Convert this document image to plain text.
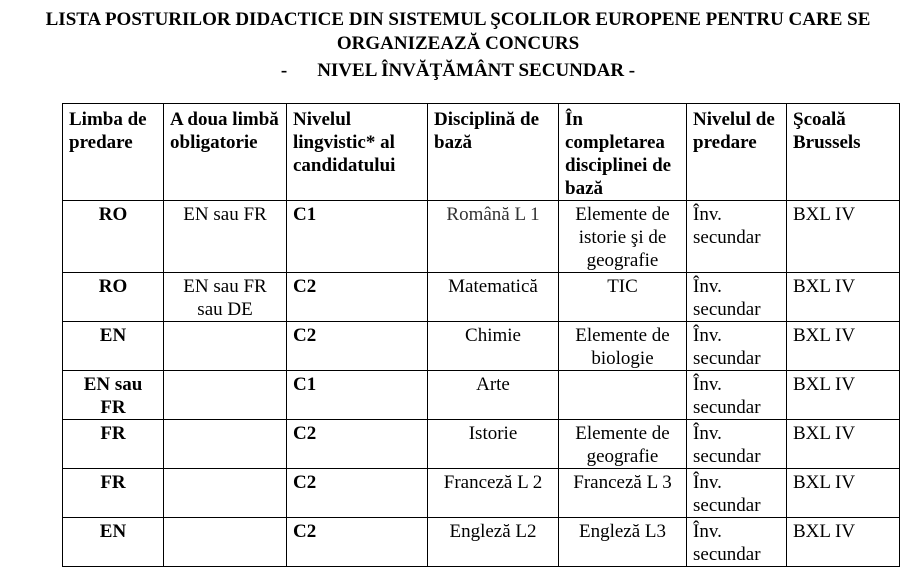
LISTA POSTURILOR DIDACTICE DIN SISTEMUL ŞCOLILOR EUROPENE PENTRU CARE SE

ORGANIZEAZĂ CONCURS

- NIVEL ÎNVĂŢĂMÂNT SECUNDAR -

Limba de predare	A doua limbă obligatorie	Nivelul lingvistic* al candidatului	Disciplină de bază	În completarea disciplinei de bază	Nivelul de predare	Şcoală Brussels
RO	EN sau FR	C1	Română L 1	Elemente de istorie şi de geografie	Înv. secundar	BXL IV
RO	EN sau FR sau DE	C2	Matematică	TIC	Înv. secundar	BXL IV
EN		C2	Chimie	Elemente de biologie	Înv. secundar	BXL IV
EN sau FR		C1	Arte		Înv. secundar	BXL IV
FR		C2	Istorie	Elemente de geografie	Înv. secundar	BXL IV
FR		C2	Franceză L 2	Franceză L 3	Înv. secundar	BXL IV
EN		C2	Engleză L2	Engleză L3	Înv. secundar	BXL IV
